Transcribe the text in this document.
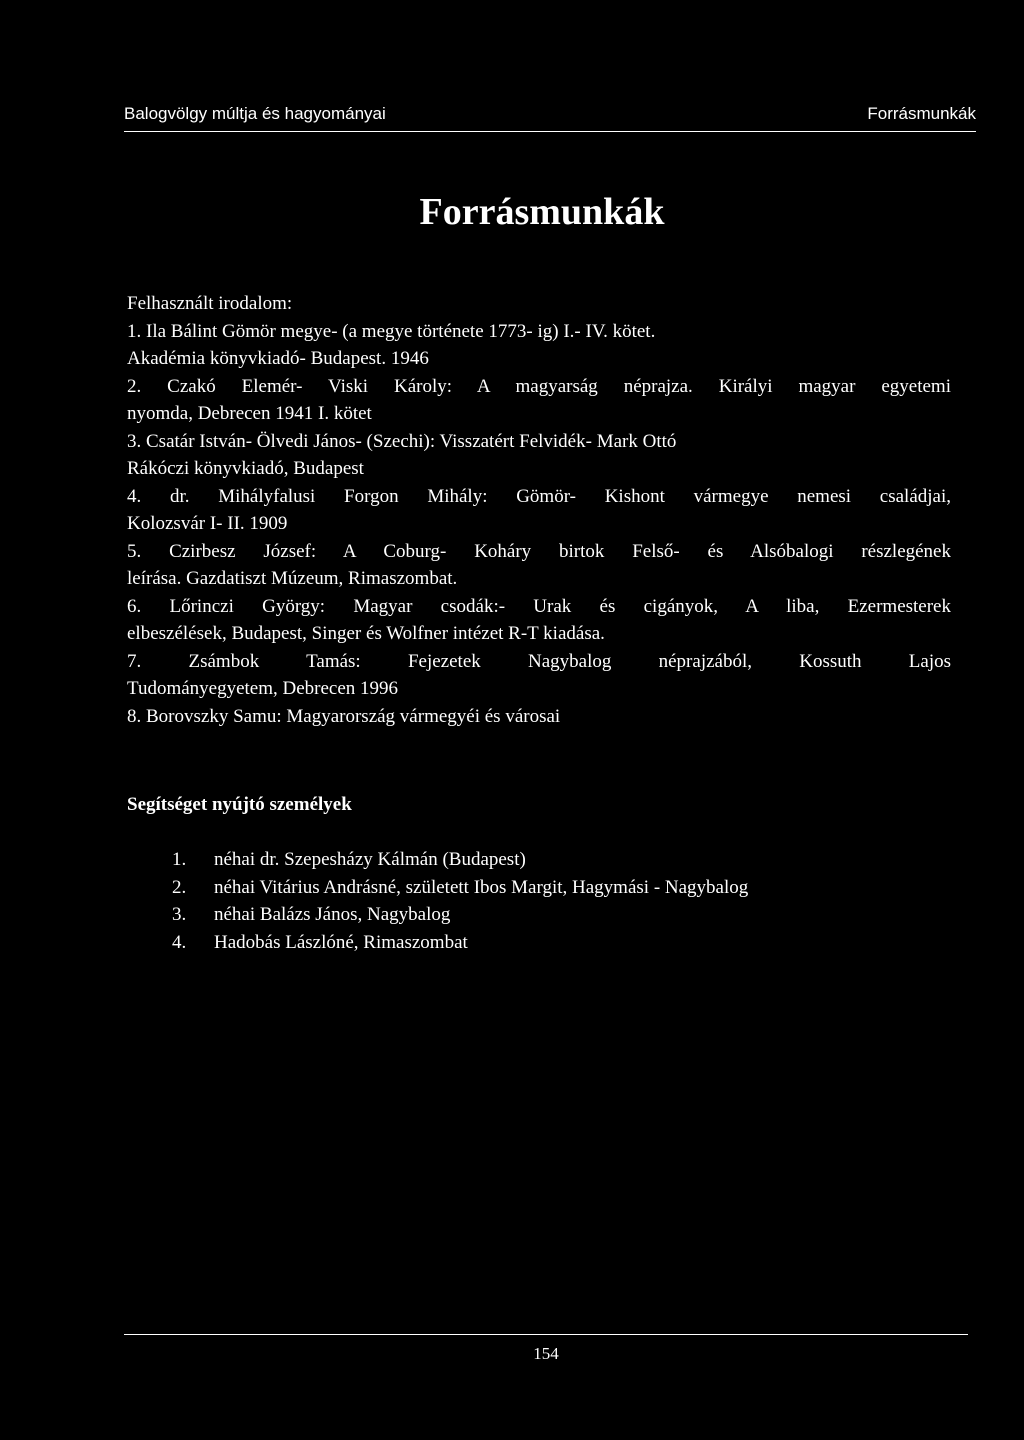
Balogvölgy múltja és hagyományai	Forrásmunkák
Forrásmunkák
Felhasznált irodalom:
1. Ila Bálint Gömör megye- (a megye története 1773- ig) I.- IV. kötet.
Akadémia könyvkiadó- Budapest. 1946
2. Czakó Elemér- Viski Károly: A magyarság néprajza. Királyi magyar egyetemi
nyomda, Debrecen 1941 I. kötet
3. Csatár István- Ölvedi János- (Szechi): Visszatért Felvidék- Mark Ottó
Rákóczi könyvkiadó, Budapest
4. dr. Mihályfalusi Forgon Mihály: Gömör- Kishont vármegye nemesi családjai,
Kolozsvár I- II. 1909
5. Czirbesz József: A Coburg- Koháry birtok Felső- és Alsóbalogi részlegének
leírása. Gazdatiszt Múzeum, Rimaszombat.
6. Lőrinczi György: Magyar csodák:- Urak és cigányok, A liba, Ezermesterek
elbeszélések, Budapest, Singer és Wolfner intézet R-T kiadása.
7. Zsámbok Tamás: Fejezetek Nagybalog néprajzából, Kossuth Lajos
Tudományegyetem, Debrecen 1996
8. Borovszky Samu: Magyarország vármegyéi és városai
Segítséget nyújtó személyek
1.	néhai dr. Szepesházy Kálmán (Budapest)
2.	néhai Vitárius Andrásné, született Ibos Margit, Hagymási - Nagybalog
3.	néhai Balázs János, Nagybalog
4.	Hadobás Lászlóné, Rimaszombat
154
